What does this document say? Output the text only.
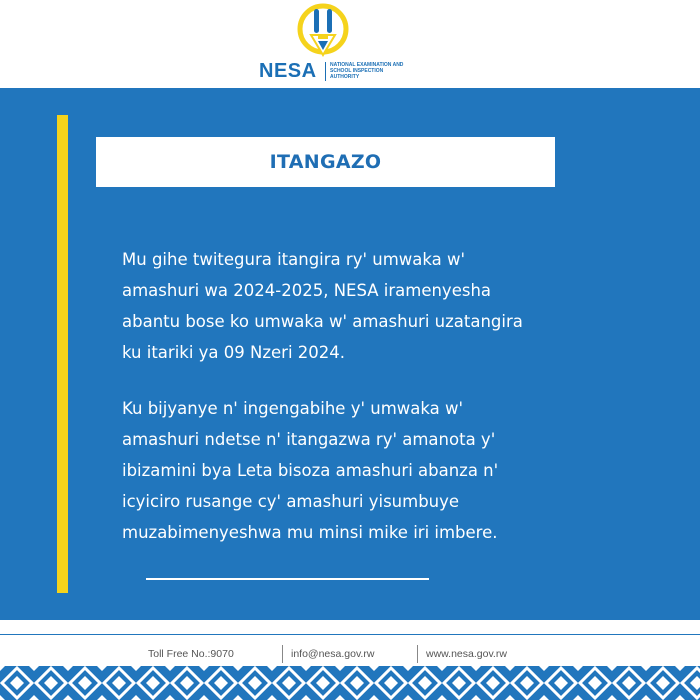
NESA	NATIONAL EXAMINATION AND SCHOOL INSPECTION AUTHORITY
ITANGAZO
Mu gihe twitegura itangira ry' umwaka w'
amashuri wa 2024-2025, NESA iramenyesha
abantu bose ko umwaka w' amashuri uzatangira
ku itariki ya 09 Nzeri 2024.
Ku bijyanye n' ingengabihe y' umwaka w'
amashuri ndetse n' itangazwa ry' amanota y'
ibizamini bya Leta bisoza amashuri abanza n'
icyiciro rusange cy' amashuri yisumbuye
muzabimenyeshwa mu minsi mike iri imbere.
Toll Free No.:9070	info@nesa.gov.rw	www.nesa.gov.rw
